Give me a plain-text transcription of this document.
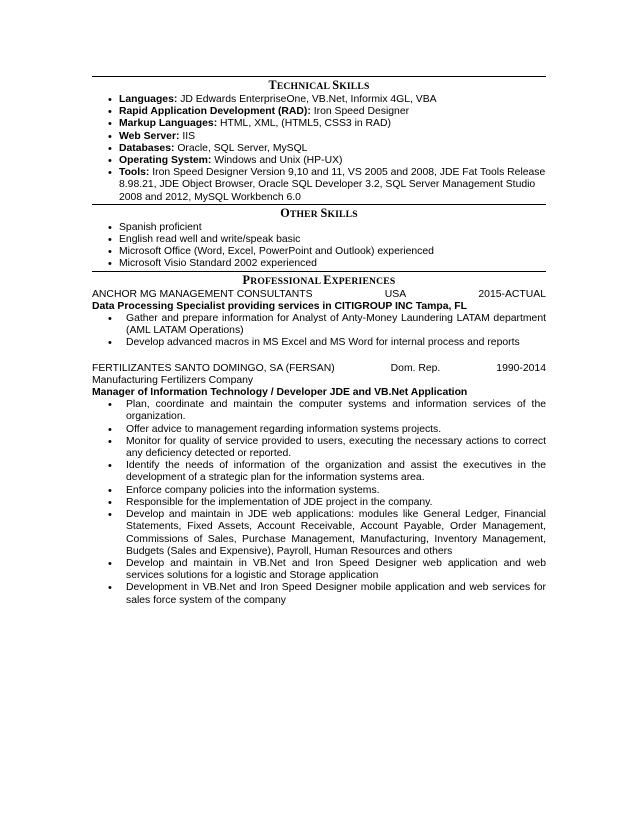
TECHNICAL SKILLS
• Languages: JD Edwards EnterpriseOne, VB.Net, Informix 4GL, VBA
• Rapid Application Development (RAD): Iron Speed Designer
• Markup Languages: HTML, XML, (HTML5, CSS3 in RAD)
• Web Server: IIS
• Databases: Oracle, SQL Server, MySQL
• Operating System: Windows and Unix (HP-UX)
• Tools: Iron Speed Designer Version 9,10 and 11, VS 2005 and 2008, JDE Fat Tools Release 8.98.21, JDE Object Browser, Oracle SQL Developer 3.2, SQL Server Management Studio 2008 and 2012, MySQL Workbench 6.0
OTHER SKILLS
• Spanish proficient
• English read well and write/speak basic
• Microsoft Office (Word, Excel, PowerPoint and Outlook) experienced
• Microsoft Visio Standard 2002 experienced
PROFESSIONAL EXPERIENCES
ANCHOR MG MANAGEMENT CONSULTANTS	USA	2015-ACTUAL
Data Processing Specialist providing services in CITIGROUP INC Tampa, FL
• Gather and prepare information for Analyst of Anty-Money Laundering LATAM department (AML LATAM Operations)
• Develop advanced macros in MS Excel and MS Word for internal process and reports
FERTILIZANTES SANTO DOMINGO, SA (FERSAN)	Dom. Rep.	1990-2014
Manufacturing Fertilizers Company
Manager of Information Technology / Developer JDE and VB.Net Application
• Plan, coordinate and maintain the computer systems and information services of the organization.
• Offer advice to management regarding information systems projects.
• Monitor for quality of service provided to users, executing the necessary actions to correct any deficiency detected or reported.
• Identify the needs of information of the organization and assist the executives in the development of a strategic plan for the information systems area.
• Enforce company policies into the information systems.
• Responsible for the implementation of JDE project in the company.
• Develop and maintain in JDE web applications: modules like General Ledger, Financial Statements, Fixed Assets, Account Receivable, Account Payable, Order Management, Commissions of Sales, Purchase Management, Manufacturing, Inventory Management, Budgets (Sales and Expensive), Payroll, Human Resources and others
• Develop and maintain in VB.Net and Iron Speed Designer web application and web services solutions for a logistic and Storage application
• Development in VB.Net and Iron Speed Designer mobile application and web services for sales force system of the company
